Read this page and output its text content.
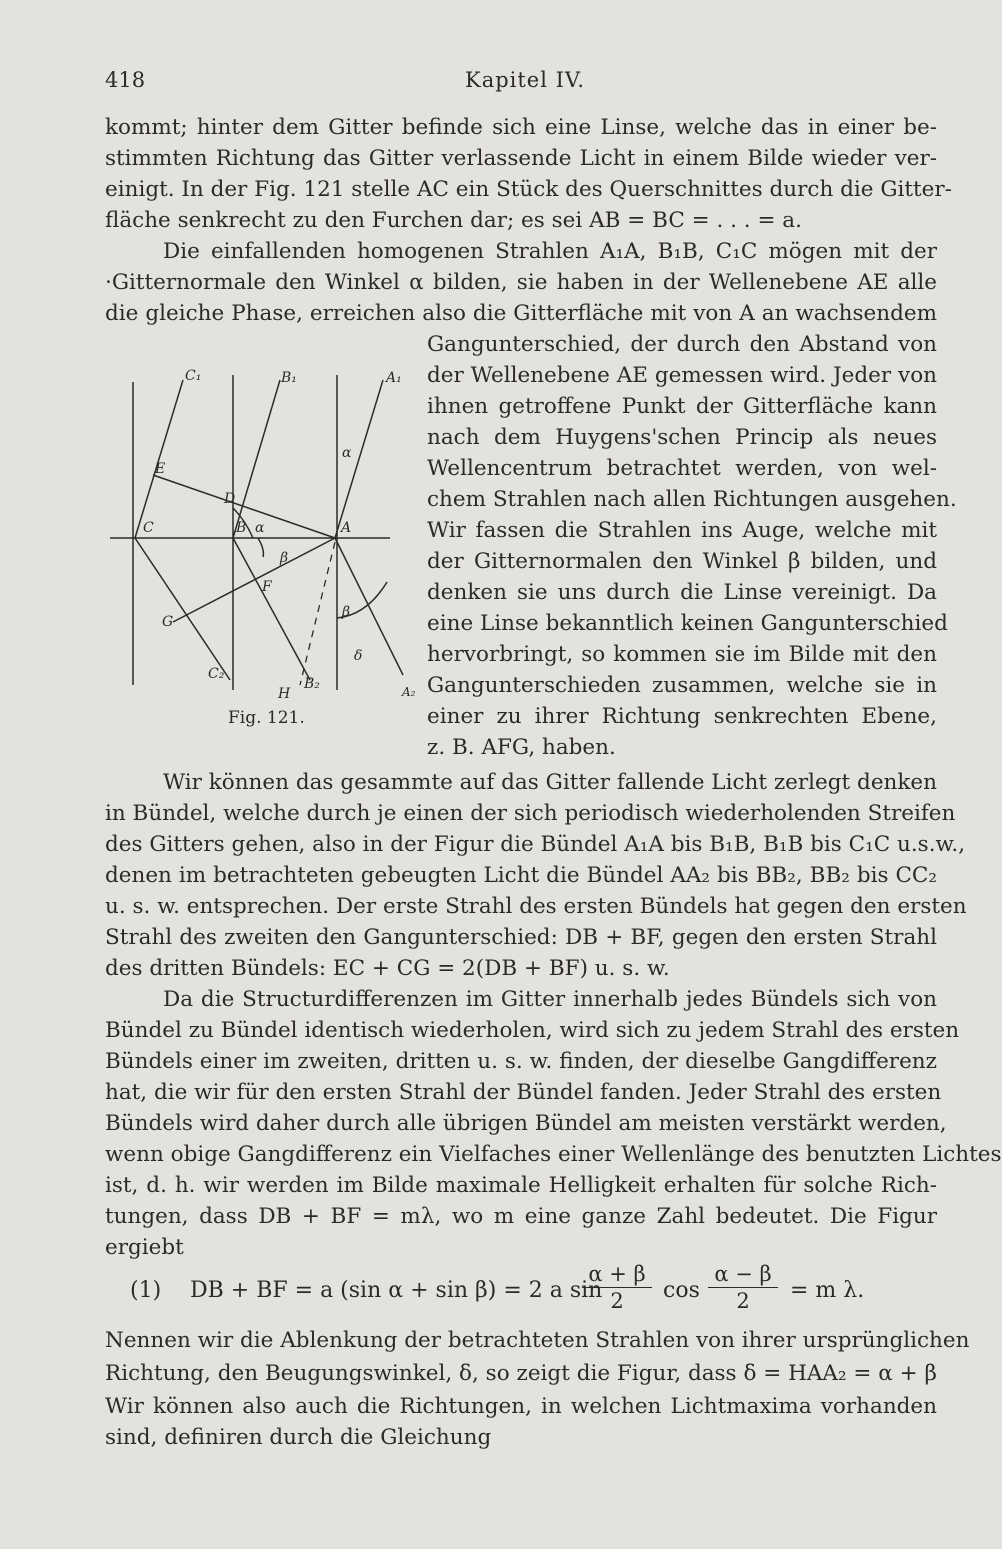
418	Kapitel IV.
kommt; hinter dem Gitter befinde sich eine Linse, welche das in einer be-
stimmten Richtung das Gitter verlassende Licht in einem Bilde wieder ver-
einigt. In der Fig. 121 stelle AC ein Stück des Querschnittes durch die Gitter-
fläche senkrecht zu den Furchen dar; es sei AB = BC = . . . = a.
Die einfallenden homogenen Strahlen A₁A, B₁B, C₁C mögen mit der
·Gitternormale den Winkel α bilden, sie haben in der Wellenebene AE alle
die gleiche Phase, erreichen also die Gitterfläche mit von A an wachsendem
Gangunterschied, der durch den Abstand von
der Wellenebene AE gemessen wird. Jeder von
ihnen getroffene Punkt der Gitterfläche kann
nach dem Huygens'schen Princip als neues
Wellencentrum betrachtet werden, von wel-
chem Strahlen nach allen Richtungen ausgehen.
Wir fassen die Strahlen ins Auge, welche mit
der Gitternormalen den Winkel β bilden, und
denken sie uns durch die Linse vereinigt. Da
eine Linse bekanntlich keinen Gangunterschied
hervorbringt, so kommen sie im Bilde mit den
Gangunterschieden zusammen, welche sie in
einer zu ihrer Richtung senkrechten Ebene,
z. B. AFG, haben.
C₁	B₁	A₁
E
D
C	B	A
α
α
β
β
F
G
δ
C₂
H
B₂	A₂
Fig. 121.
Wir können das gesammte auf das Gitter fallende Licht zerlegt denken
in Bündel, welche durch je einen der sich periodisch wiederholenden Streifen
des Gitters gehen, also in der Figur die Bündel A₁A bis B₁B, B₁B bis C₁C u.s.w.,
denen im betrachteten gebeugten Licht die Bündel AA₂ bis BB₂, BB₂ bis CC₂
u. s. w. entsprechen. Der erste Strahl des ersten Bündels hat gegen den ersten
Strahl des zweiten den Gangunterschied: DB + BF, gegen den ersten Strahl
des dritten Bündels: EC + CG = 2(DB + BF) u. s. w.
Da die Structurdifferenzen im Gitter innerhalb jedes Bündels sich von
Bündel zu Bündel identisch wiederholen, wird sich zu jedem Strahl des ersten
Bündels einer im zweiten, dritten u. s. w. finden, der dieselbe Gangdifferenz
hat, die wir für den ersten Strahl der Bündel fanden. Jeder Strahl des ersten
Bündels wird daher durch alle übrigen Bündel am meisten verstärkt werden,
wenn obige Gangdifferenz ein Vielfaches einer Wellenlänge des benutzten Lichtes
ist, d. h. wir werden im Bilde maximale Helligkeit erhalten für solche Rich-
tungen, dass DB + BF = mλ, wo m eine ganze Zahl bedeutet. Die Figur
ergiebt
(1) DB + BF = a (sin α + sin β) = 2 a sin
α + β
2	cos
α − β
2	= m λ.
Nennen wir die Ablenkung der betrachteten Strahlen von ihrer ursprünglichen
Richtung, den Beugungswinkel, δ, so zeigt die Figur, dass δ = HAA₂ = α + β
Wir können also auch die Richtungen, in welchen Lichtmaxima vorhanden
sind, definiren durch die Gleichung
